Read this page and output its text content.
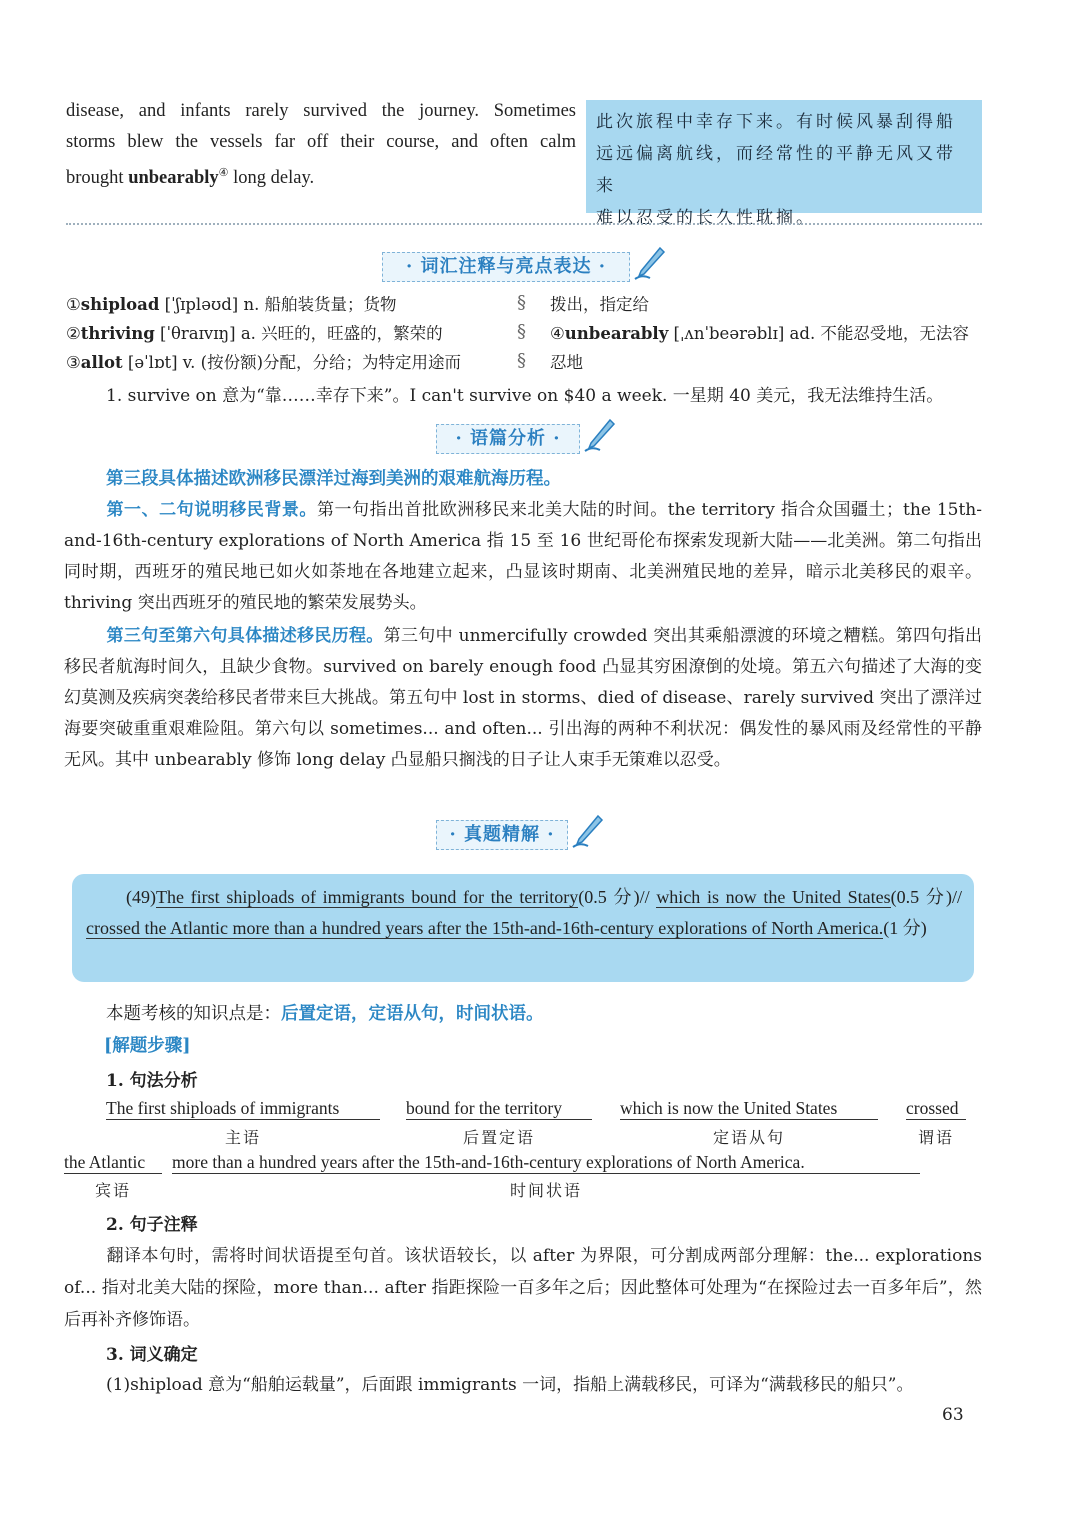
disease, and infants rarely survived the journey. Sometimes

storms blew the vessels far off their course, and often calm

brought unbearably④ long delay.

此次旅程中幸存下来。有时候风暴刮得船

远远偏离航线，而经常性的平静无风又带来

难以忍受的长久性耽搁。

· 词汇注释与亮点表达 ·
①shipload [ˈʃɪpləʊd] n. 船舶装货量；货物
②thriving [ˈθraɪvɪŋ] a. 兴旺的，旺盛的，繁荣的
③allot [əˈlɒt] v. (按份额)分配，分给；为特定用途而
§
§
§
拨出，指定给
④unbearably [ˌʌnˈbeərəblɪ] ad. 不能忍受地，无法容
忍地
1. survive on 意为“靠……幸存下来”。I can't survive on $40 a week. 一星期 40 美元，我无法维持生活。
· 语篇分析 ·
第三段具体描述欧洲移民漂洋过海到美洲的艰难航海历程。

第一、二句说明移民背景。第一句指出首批欧洲移民来北美大陆的时间。the territory 指合众国疆土；the 15th-and-16th-century explorations of North America 指 15 至 16 世纪哥伦布探索发现新大陆——北美洲。第二句指出同时期，西班牙的殖民地已如火如荼地在各地建立起来，凸显该时期南、北美洲殖民地的差异，暗示北美移民的艰辛。thriving 突出西班牙的殖民地的繁荣发展势头。

第三句至第六句具体描述移民历程。第三句中 unmercifully crowded 突出其乘船漂渡的环境之糟糕。第四句指出移民者航海时间久，且缺少食物。survived on barely enough food 凸显其穷困潦倒的处境。第五六句描述了大海的变幻莫测及疾病突袭给移民者带来巨大挑战。第五句中 lost in storms、died of disease、rarely survived 突出了漂洋过海要突破重重艰难险阻。第六句以 sometimes... and often... 引出海的两种不利状况：偶发性的暴风雨及经常性的平静无风。其中 unbearably 修饰 long delay 凸显船只搁浅的日子让人束手无策难以忍受。

· 真题精解 ·
(49)The first shiploads of immigrants bound for the territory(0.5 分)// which is now the United States(0.5 分)// crossed the Atlantic more than a hundred years after the 15th-and-16th-century explorations of North America.(1 分)
本题考核的知识点是：后置定语，定语从句，时间状语。
[解题步骤]
1. 句法分析
The first shiploads of immigrants
主语
bound for the territory
后置定语
which is now the United States
定语从句
crossed
谓语
the Atlantic
宾语
more than a hundred years after the 15th-and-16th-century explorations of North America.
时间状语
2. 句子注释

翻译本句时，需将时间状语提至句首。该状语较长，以 after 为界限，可分割成两部分理解：the... explorations of... 指对北美大陆的探险，more than... after 指距探险一百多年之后；因此整体可处理为“在探险过去一百多年后”，然后再补齐修饰语。

3. 词义确定
(1)shipload 意为“船舶运载量”，后面跟 immigrants 一词，指船上满载移民，可译为“满载移民的船只”。
63
